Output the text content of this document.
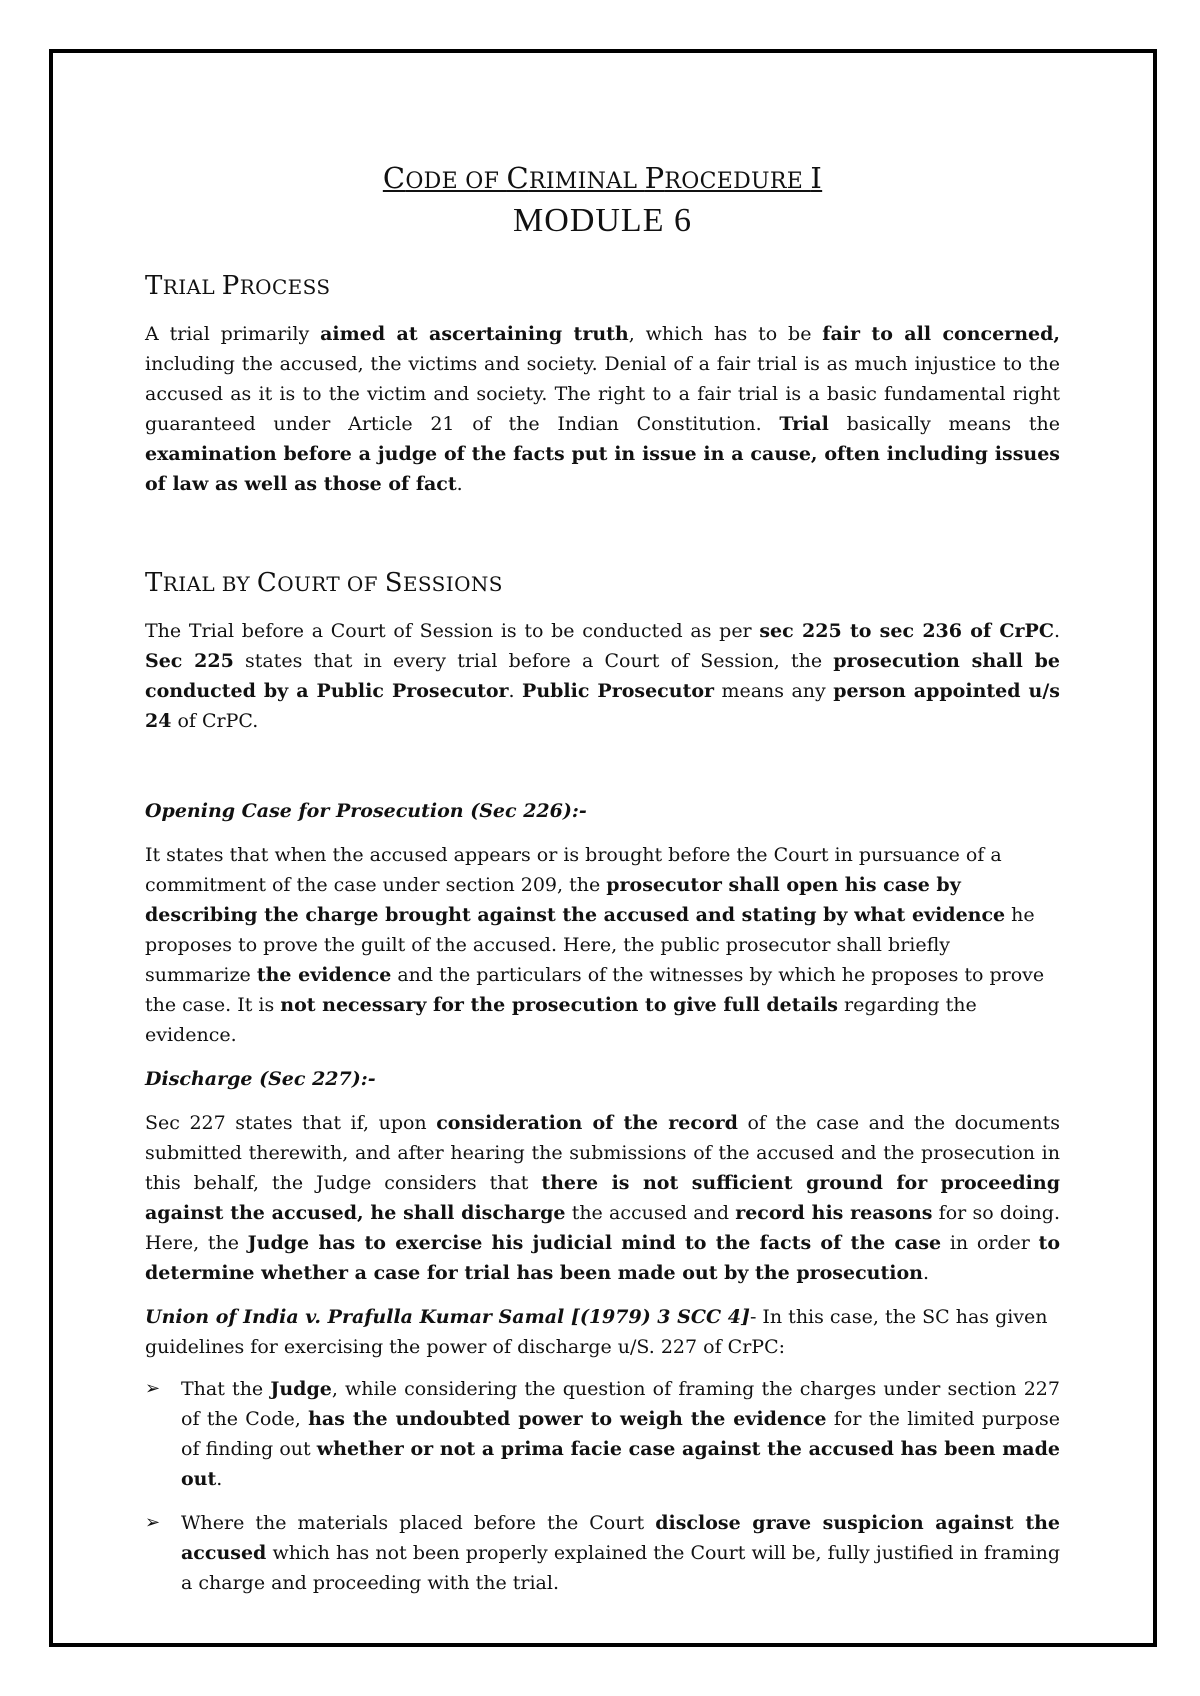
CODE OF CRIMINAL PROCEDURE I
MODULE 6
TRIAL PROCESS

A trial primarily aimed at ascertaining truth, which has to be fair to all concerned, including the accused, the victims and society. Denial of a fair trial is as much injustice to the accused as it is to the victim and society. The right to a fair trial is a basic fundamental right guaranteed under Article 21 of the Indian Constitution. Trial basically means the examination before a judge of the facts put in issue in a cause, often including issues of law as well as those of fact.

TRIAL BY COURT OF SESSIONS

The Trial before a Court of Session is to be conducted as per sec 225 to sec 236 of CrPC. Sec 225 states that in every trial before a Court of Session, the prosecution shall be conducted by a Public Prosecutor. Public Prosecutor means any person appointed u/s 24 of CrPC.

Opening Case for Prosecution (Sec 226):-

It states that when the accused appears or is brought before the Court in pursuance of a commitment of the case under section 209, the prosecutor shall open his case by describing the charge brought against the accused and stating by what evidence he proposes to prove the guilt of the accused. Here, the public prosecutor shall briefly summarize the evidence and the particulars of the witnesses by which he proposes to prove the case. It is not necessary for the prosecution to give full details regarding the evidence.

Discharge (Sec 227):-

Sec 227 states that if, upon consideration of the record of the case and the documents submitted therewith, and after hearing the submissions of the accused and the prosecution in this behalf, the Judge considers that there is not sufficient ground for proceeding against the accused, he shall discharge the accused and record his reasons for so doing. Here, the Judge has to exercise his judicial mind to the facts of the case in order to determine whether a case for trial has been made out by the prosecution.

Union of India v. Prafulla Kumar Samal [(1979) 3 SCC 4]- In this case, the SC has given guidelines for exercising the power of discharge u/S. 227 of CrPC:

➢ That the Judge, while considering the question of framing the charges under section 227 of the Code, has the undoubted power to weigh the evidence for the limited purpose of finding out whether or not a prima facie case against the accused has been made out.
➢ Where the materials placed before the Court disclose grave suspicion against the accused which has not been properly explained the Court will be, fully justified in framing a charge and proceeding with the trial.
